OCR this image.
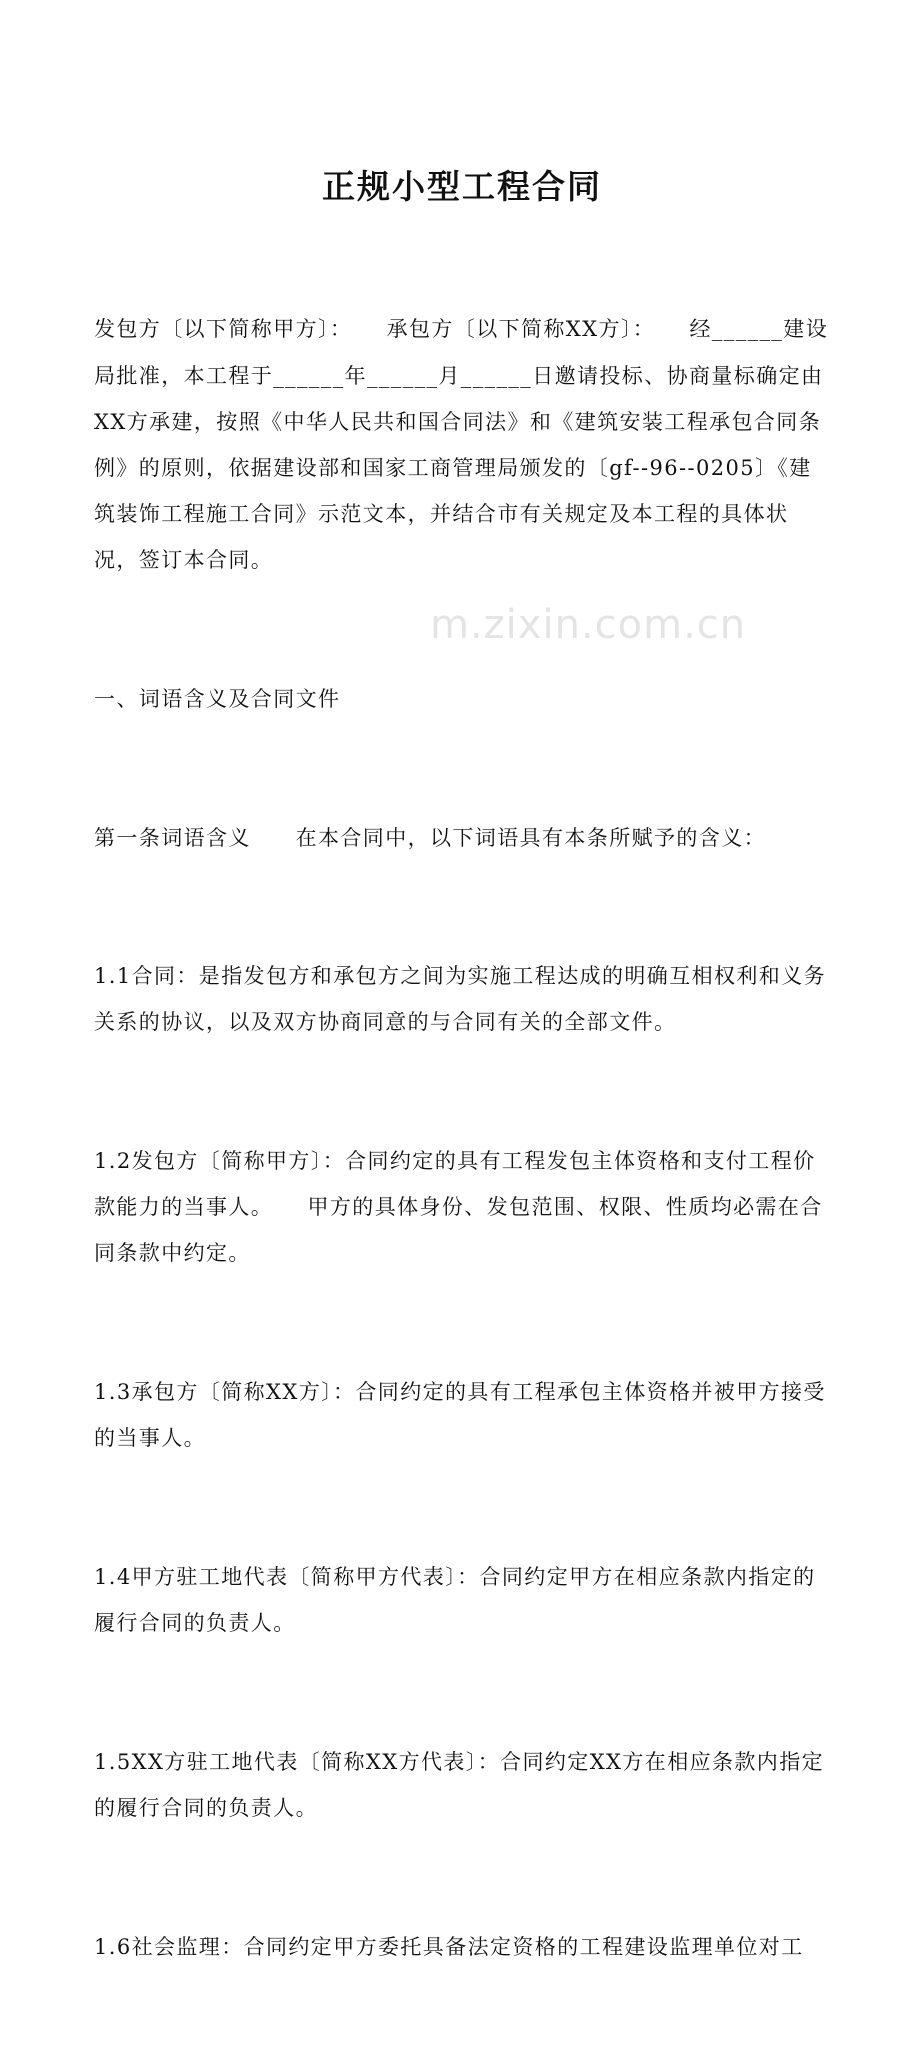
正规小型工程合同

发包方〔以下简称甲方〕：　　承包方〔以下简称XX方〕：　　经______建设局批准，本工程于______年______月______日邀请投标、协商量标确定由XX方承建，按照《中华人民共和国合同法》和《建筑安装工程承包合同条例》的原则，依据建设部和国家工商管理局颁发的〔gf--96--0205〕《建筑装饰工程施工合同》示范文本，并结合市有关规定及本工程的具体状况，签订本合同。

一、词语含义及合同文件

第一条词语含义　　在本合同中，以下词语具有本条所赋予的含义：

1.1合同：是指发包方和承包方之间为实施工程达成的明确互相权利和义务关系的协议，以及双方协商同意的与合同有关的全部文件。

1.2发包方〔简称甲方〕：合同约定的具有工程发包主体资格和支付工程价款能力的当事人。　　甲方的具体身份、发包范围、权限、性质均必需在合同条款中约定。

1.3承包方〔简称XX方〕：合同约定的具有工程承包主体资格并被甲方接受的当事人。

1.4甲方驻工地代表〔简称甲方代表〕：合同约定甲方在相应条款内指定的履行合同的负责人。

1.5XX方驻工地代表〔简称XX方代表〕：合同约定XX方在相应条款内指定的履行合同的负责人。

1.6社会监理：合同约定甲方委托具备法定资格的工程建设监理单位对工

m.zixin.com.cn
